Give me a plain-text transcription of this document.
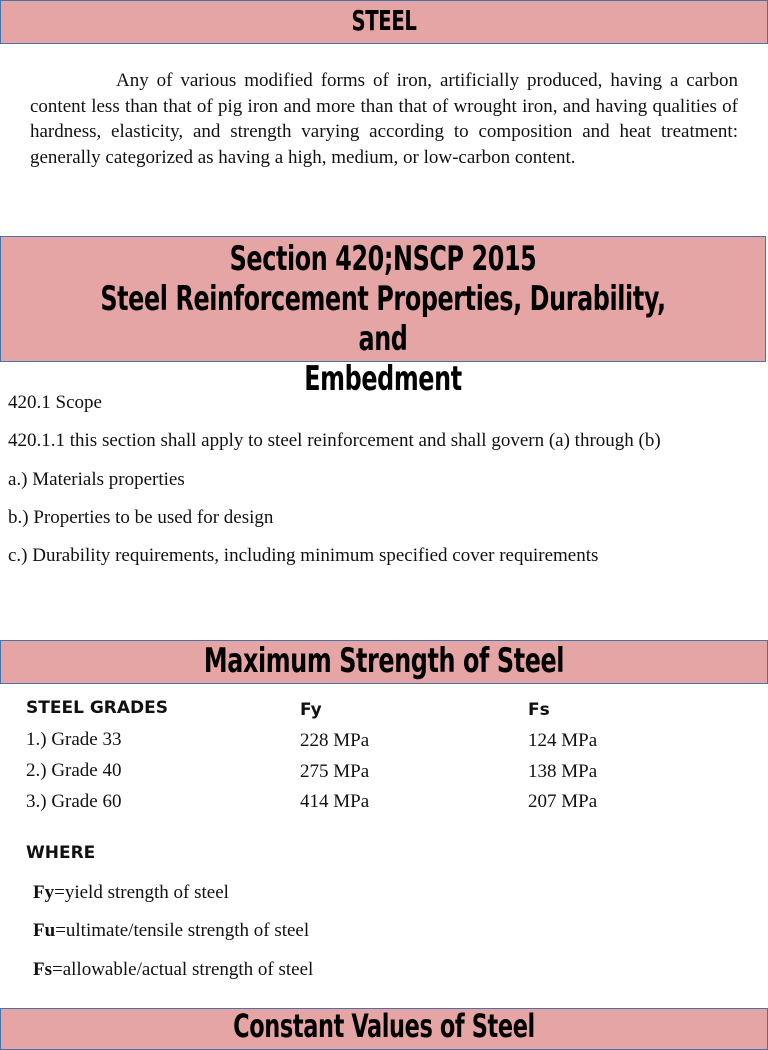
STEEL
Any of various modified forms of iron, artificially produced, having a carbon content less than that of pig iron and more than that of wrought iron, and having qualities of hardness, elasticity, and strength varying according to composition and heat treatment: generally categorized as having a high, medium, or low-carbon content.
Section 420;NSCP 2015
Steel Reinforcement Properties, Durability, and
Embedment
420.1 Scope
420.1.1 this section shall apply to steel reinforcement and shall govern (a) through (b)
a.) Materials properties
b.) Properties to be used for design
c.) Durability requirements, including minimum specified cover requirements
Maximum Strength of Steel
STEEL GRADES	Fy	Fs
1.) Grade 33	228 MPa	124 MPa
2.) Grade 40	275 MPa	138 MPa
3.) Grade 60	414 MPa	207 MPa
WHERE
Fy=yield strength of steel
Fu=ultimate/tensile strength of steel
Fs=allowable/actual strength of steel
Constant Values of Steel
